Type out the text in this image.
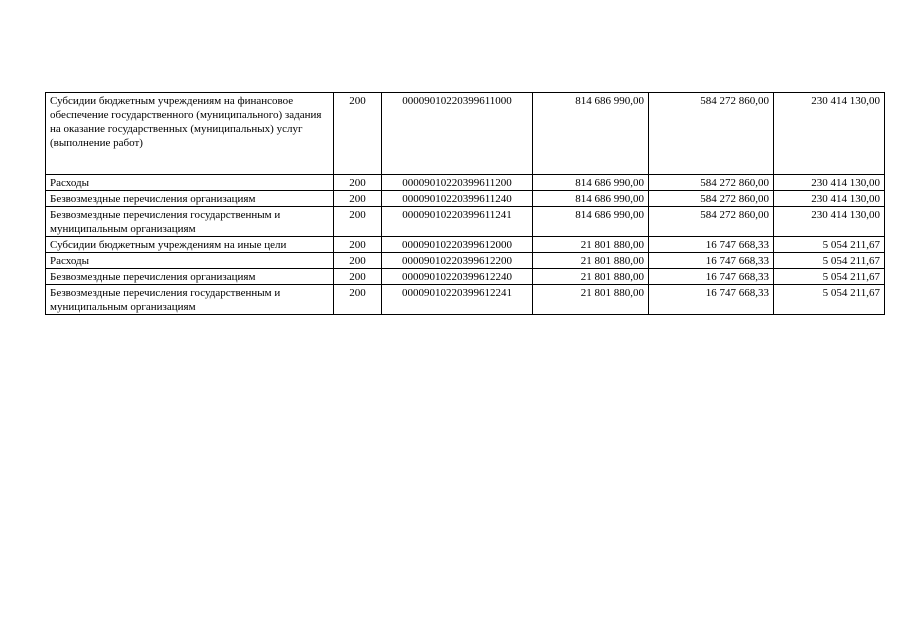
Субсидии бюджетным учреждениям на финансовое обеспечение государственного (муниципального) задания на оказание государственных (муниципальных) услуг (выполнение работ)	200	00009010220399611000	814 686 990,00	584 272 860,00	230 414 130,00
Расходы	200	00009010220399611200	814 686 990,00	584 272 860,00	230 414 130,00
Безвозмездные перечисления организациям	200	00009010220399611240	814 686 990,00	584 272 860,00	230 414 130,00
Безвозмездные перечисления государственным и муниципальным организациям	200	00009010220399611241	814 686 990,00	584 272 860,00	230 414 130,00
Субсидии бюджетным учреждениям на иные цели	200	00009010220399612000	21 801 880,00	16 747 668,33	5 054 211,67
Расходы	200	00009010220399612200	21 801 880,00	16 747 668,33	5 054 211,67
Безвозмездные перечисления организациям	200	00009010220399612240	21 801 880,00	16 747 668,33	5 054 211,67
Безвозмездные перечисления государственным и муниципальным организациям	200	00009010220399612241	21 801 880,00	16 747 668,33	5 054 211,67
